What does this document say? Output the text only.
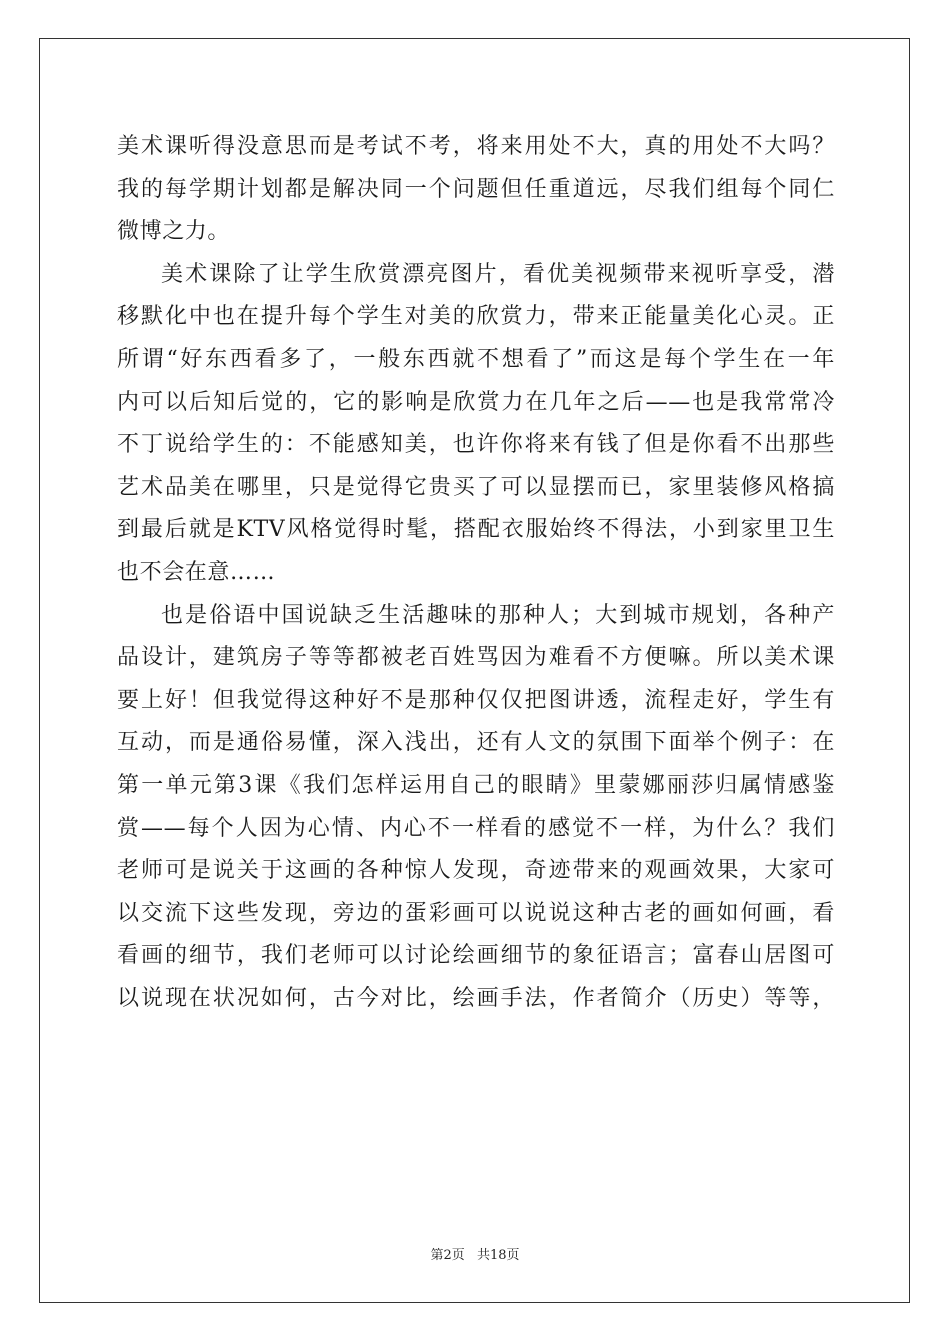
美术课听得没意思而是考试不考，将来用处不大，真的用处不大吗？
我的每学期计划都是解决同一个问题但任重道远，尽我们组每个同仁
微博之力。
美术课除了让学生欣赏漂亮图片，看优美视频带来视听享受，潜
移默化中也在提升每个学生对美的欣赏力，带来正能量美化心灵。正
所谓“好东西看多了，一般东西就不想看了”而这是每个学生在一年
内可以后知后觉的，它的影响是欣赏力在几年之后——也是我常常冷
不丁说给学生的：不能感知美，也许你将来有钱了但是你看不出那些
艺术品美在哪里，只是觉得它贵买了可以显摆而已，家里装修风格搞
到最后就是KTV风格觉得时髦，搭配衣服始终不得法，小到家里卫生
也不会在意……
也是俗语中国说缺乏生活趣味的那种人；大到城市规划，各种产
品设计，建筑房子等等都被老百姓骂因为难看不方便嘛。所以美术课
要上好！但我觉得这种好不是那种仅仅把图讲透，流程走好，学生有
互动，而是通俗易懂，深入浅出，还有人文的氛围下面举个例子：在
第一单元第3课《我们怎样运用自己的眼睛》里蒙娜丽莎归属情感鉴
赏——每个人因为心情、内心不一样看的感觉不一样，为什么？我们
老师可是说关于这画的各种惊人发现，奇迹带来的观画效果，大家可
以交流下这些发现，旁边的蛋彩画可以说说这种古老的画如何画，看
看画的细节，我们老师可以讨论绘画细节的象征语言；富春山居图可
以说现在状况如何，古今对比，绘画手法，作者简介（历史）等等，
第2页 共18页
